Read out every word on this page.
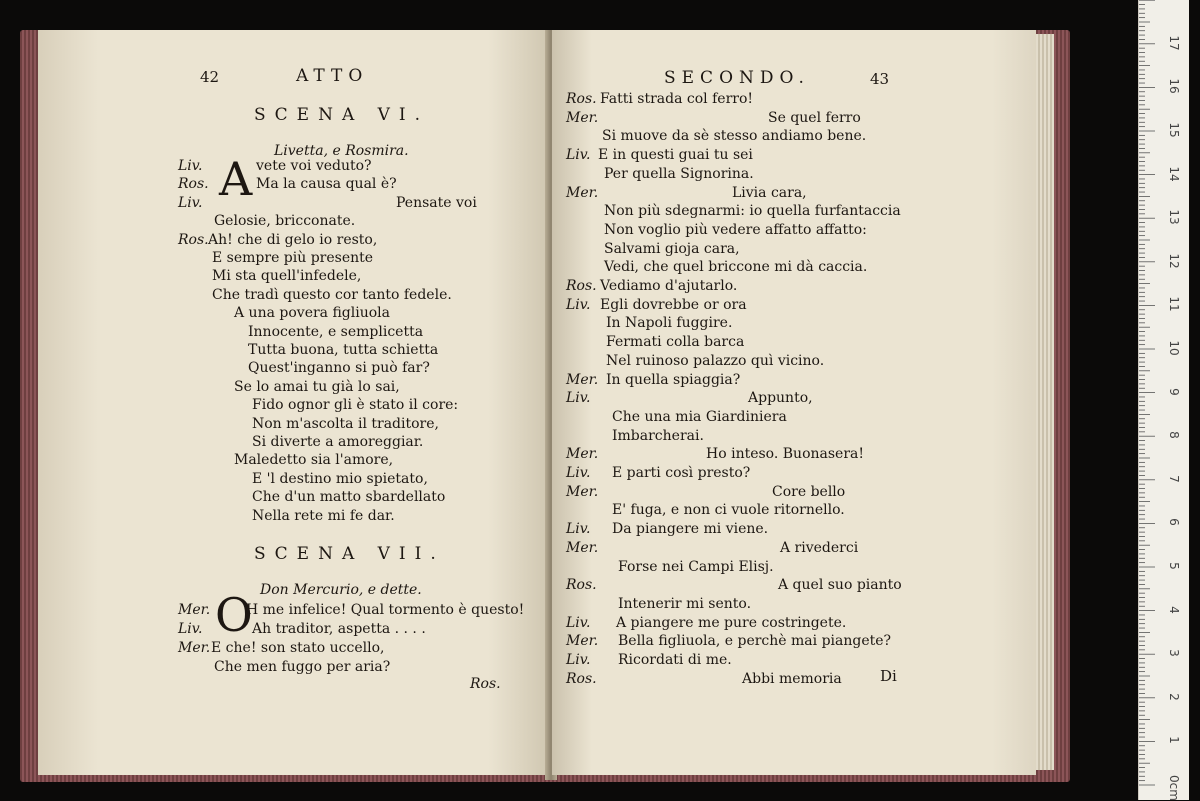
42	ATTO
SCENA VI.
Livetta, e Rosmira.
A
Liv.	vete voi veduto?
Ros.	Ma la causa qual è?
Liv.	Pensate voi
Gelosie, bricconate.
Ros. Ah! che di gelo io resto,
E sempre più presente
Mi sta quell'infedele,
Che tradì questo cor tanto fedele.
A una povera figliuola
Innocente, e semplicetta
Tutta buona, tutta schietta
Quest'inganno si può far?
Se lo amai tu già lo sai,
Fido ognor gli è stato il core:
Non m'ascolta il traditore,
Si diverte a amoreggiar.
Maledetto sia l'amore,
E 'l destino mio spietato,
Che d'un matto sbardellato
Nella rete mi fe dar.
SCENA VII.
Don Mercurio, e dette.
O
Mer.	H me infelice! Qual tormento è questo!
Liv.	Ah traditor, aspetta . . . .
Mer. E che! son stato uccello,
Che men fuggo per aria?
Ros.
SECONDO.	43
Ros. Fatti strada col ferro!
Mer.	Se quel ferro
Si muove da sè stesso andiamo bene.
Liv. E in questi guai tu sei
Per quella Signorina.
Mer.	Livia cara,
Non più sdegnarmi: io quella furfantaccia
Non voglio più vedere affatto affatto:
Salvami gioja cara,
Vedi, che quel briccone mi dà caccia.
Ros. Vediamo d'ajutarlo.
Liv. Egli dovrebbe or ora
In Napoli fuggire.
Fermati colla barca
Nel ruinoso palazzo quì vicino.
Mer. In quella spiaggia?
Liv.	Appunto,
Che una mia Giardiniera
Imbarcherai.
Mer.	Ho inteso. Buonasera!
Liv. E parti così presto?
Mer.	Core bello
E' fuga, e non ci vuole ritornello.
Liv. Da piangere mi viene.
Mer.	A rivederci
Forse nei Campi Elisj.
Ros.	A quel suo pianto
Intenerir mi sento.
Liv. A piangere me pure costringete.
Mer. Bella figliuola, e perchè mai piangete?
Liv. Ricordati di me.
Ros.	Abbi memoria	Di
0cm
1
2
3
4
5
6
7
8
9
10
11
12
13
14
15
16
17
